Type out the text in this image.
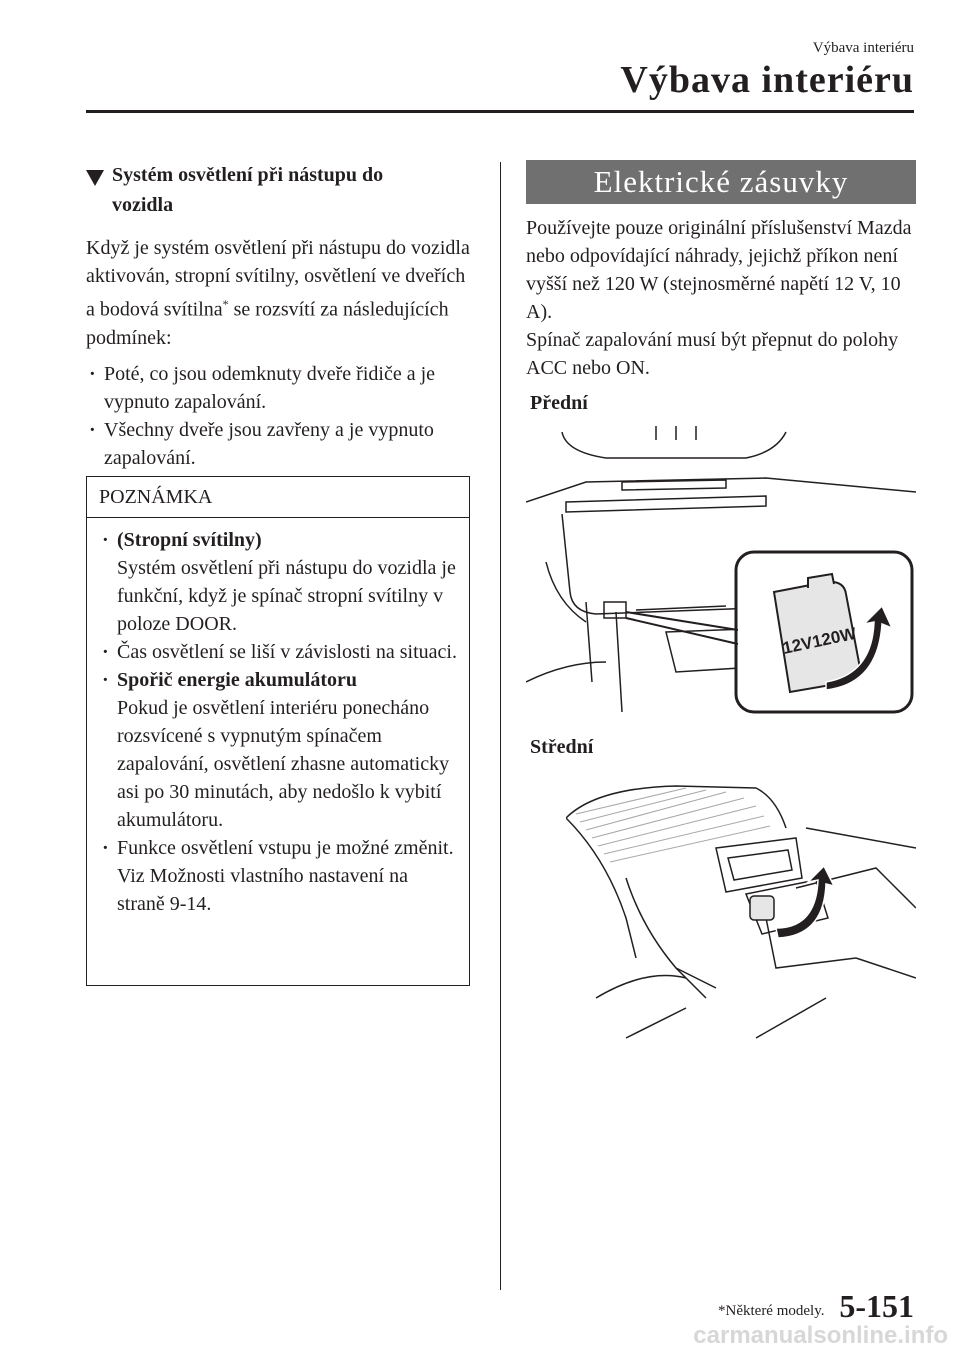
Výbava interiéru
Výbava interiéru
Systém osvětlení při nástupu do
vozidla

Když je systém osvětlení při nástupu do vozidla aktivován, stropní svítilny, osvětlení ve dveřích a bodová svítilna* se rozsvítí za následujících podmínek:

· Poté, co jsou odemknuty dveře řidiče a je vypnuto zapalování.
· Všechny dveře jsou zavřeny a je vypnuto zapalování.
POZNÁMKA
· (Stropní svítilny)
Systém osvětlení při nástupu do vozidla je funkční, když je spínač stropní svítilny v poloze DOOR.
· Čas osvětlení se liší v závislosti na situaci.
· Spořič energie akumulátoru
Pokud je osvětlení interiéru ponecháno rozsvícené s vypnutým spínačem zapalování, osvětlení zhasne automaticky asi po 30 minutách, aby nedošlo k vybití akumulátoru.
· Funkce osvětlení vstupu je možné změnit. Viz Možnosti vlastního nastavení na straně 9-14.
Elektrické zásuvky

Používejte pouze originální příslušenství Mazda nebo odpovídající náhrady, jejichž příkon není vyšší než 120 W (stejnosměrné napětí 12 V, 10 A).

Spínač zapalování musí být přepnut do polohy ACC nebo ON.

Přední
12V120W
Střední
*Některé modely. 5-151
carmanualsonline.info
